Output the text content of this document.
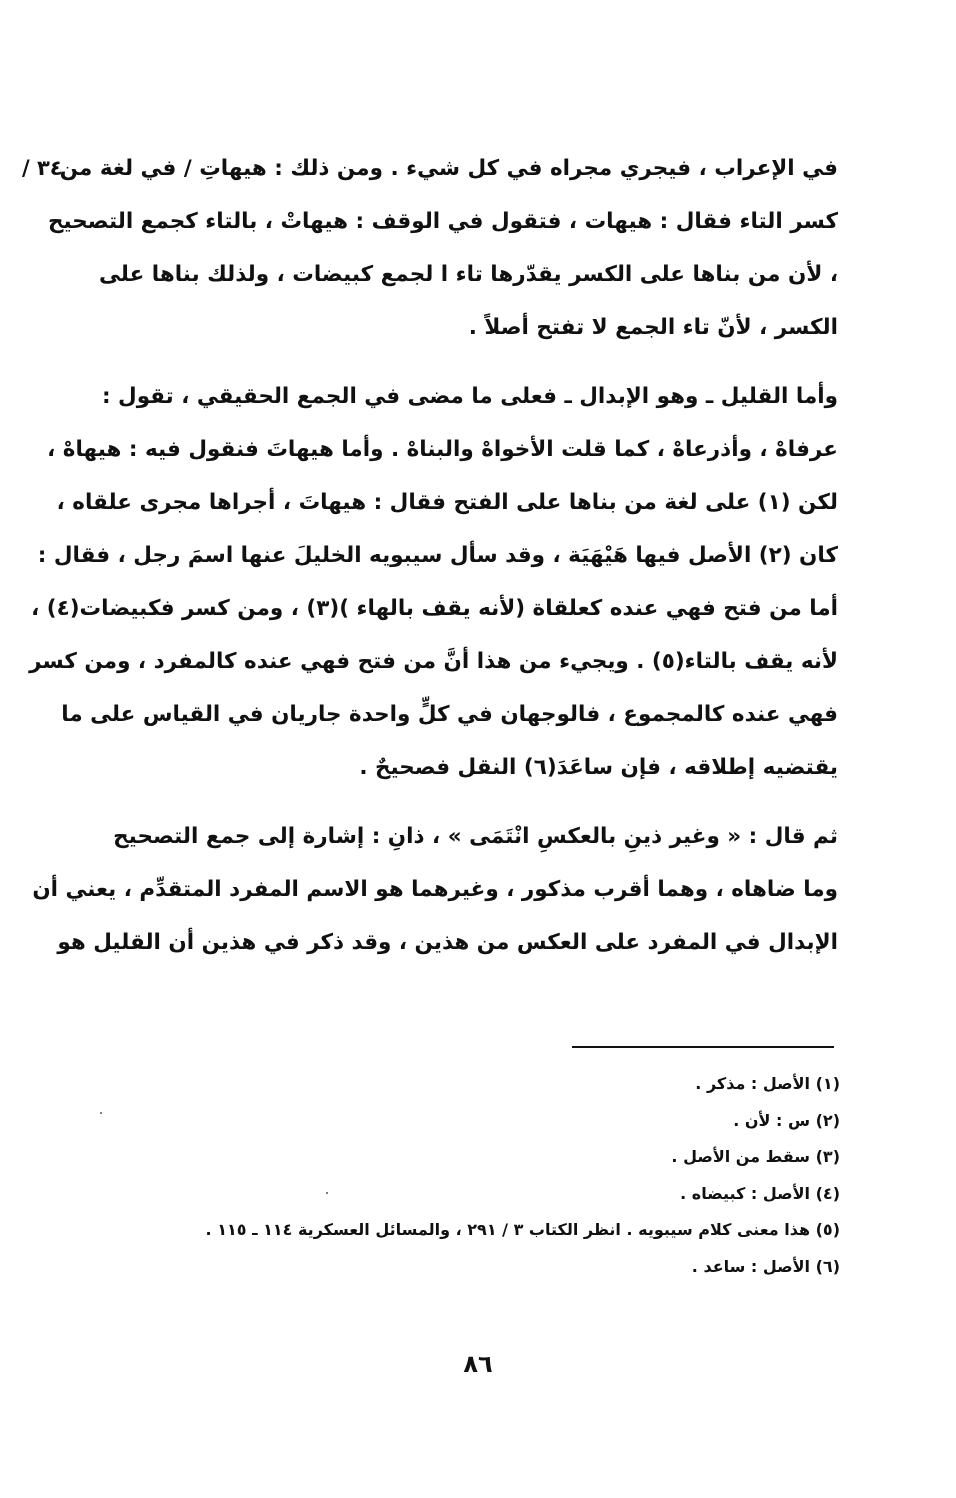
٣٤ /
في الإعراب ، فيجري مجراه في كل شيء . ومن ذلك : هيهاتِ / في لغة من
كسر التاء فقال : هيهات ، فتقول في الوقف : هيهاتْ ، بالتاء كجمع التصحيح
، لأن من بناها على الكسر يقدّرها تاء ا لجمع كبيضات ، ولذلك بناها على
الكسر ، لأنّ تاء الجمع لا تفتح أصلاً .
وأما القليل ـ وهو الإبدال ـ فعلى ما مضى في الجمع الحقيقي ، تقول :
عرفاهْ ، وأذرعاهْ ، كما قلت الأخواهْ والبناهْ . وأما هيهاتَ فنقول فيه : هيهاهْ ،
لكن (١) على لغة من بناها على الفتح فقال : هيهاتَ ، أجراها مجرى علقاه ،
كان (٢) الأصل فيها هَيْهَيَة ، وقد سأل سيبويه الخليلَ عنها اسمَ رجل ، فقال :
أما من فتح فهي عنده كعلقاة (لأنه يقف بالهاء )(٣) ، ومن كسر فكبيضات(٤) ،
لأنه يقف بالتاء(٥) . ويجيء من هذا أنَّ من فتح فهي عنده كالمفرد ، ومن كسر
فهي عنده كالمجموع ، فالوجهان في كلٍّ واحدة جاريان في القياس على ما
يقتضيه إطلاقه ، فإن ساعَدَ(٦) النقل فصحيحٌ .
ثم قال : « وغير ذينِ بالعكسِ انْتَمَى » ، ذانِ : إشارة إلى جمع التصحيح
وما ضاهاه ، وهما أقرب مذكور ، وغيرهما هو الاسم المفرد المتقدِّم ، يعني أن
الإبدال في المفرد على العكس من هذين ، وقد ذكر في هذين أن القليل هو
(١) الأصل : مذكر .
(٢) س : لأن .
(٣) سقط من الأصل .
(٤) الأصل : كبيضاه .
(٥) هذا معنى كلام سيبويه . انظر الكتاب ٣ / ٢٩١ ، والمسائل العسكرية ١١٤ ـ ١١٥ .
(٦) الأصل : ساعد .
٨٦
